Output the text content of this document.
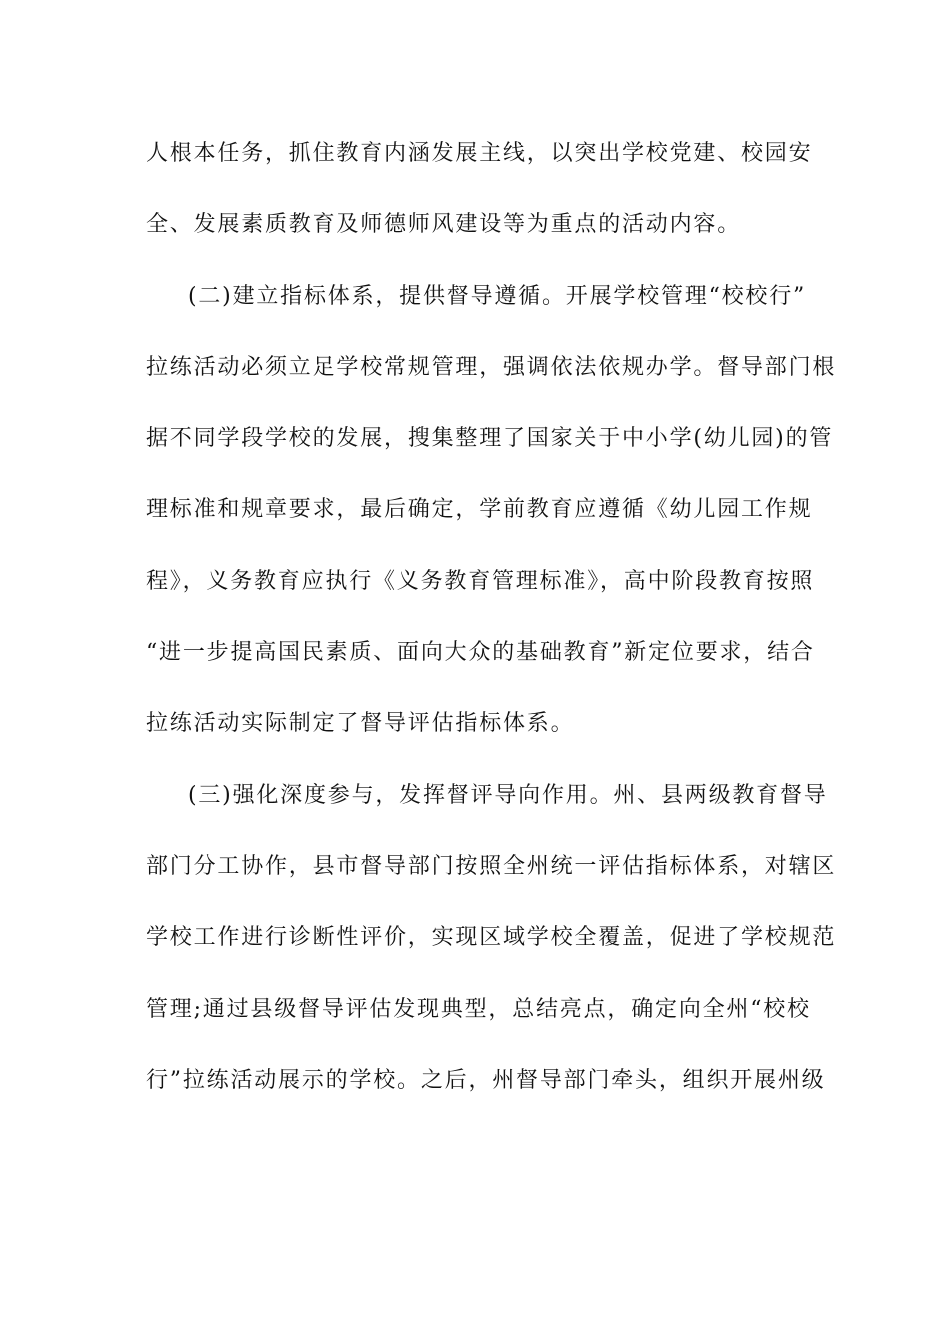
人根本任务，抓住教育内涵发展主线，以突出学校党建、校园安
全、发展素质教育及师德师风建设等为重点的活动内容。
(二)建立指标体系，提供督导遵循。开展学校管理“校校行”
拉练活动必须立足学校常规管理，强调依法依规办学。督导部门根
据不同学段学校的发展，搜集整理了国家关于中小学(幼儿园)的管
理标准和规章要求，最后确定，学前教育应遵循《幼儿园工作规
程》，义务教育应执行《义务教育管理标准》，高中阶段教育按照
“进一步提高国民素质、面向大众的基础教育”新定位要求，结合
拉练活动实际制定了督导评估指标体系。
(三)强化深度参与，发挥督评导向作用。州、县两级教育督导
部门分工协作，县市督导部门按照全州统一评估指标体系，对辖区
学校工作进行诊断性评价，实现区域学校全覆盖，促进了学校规范
管理;通过县级督导评估发现典型，总结亮点，确定向全州“校校
行”拉练活动展示的学校。之后，州督导部门牵头，组织开展州级
